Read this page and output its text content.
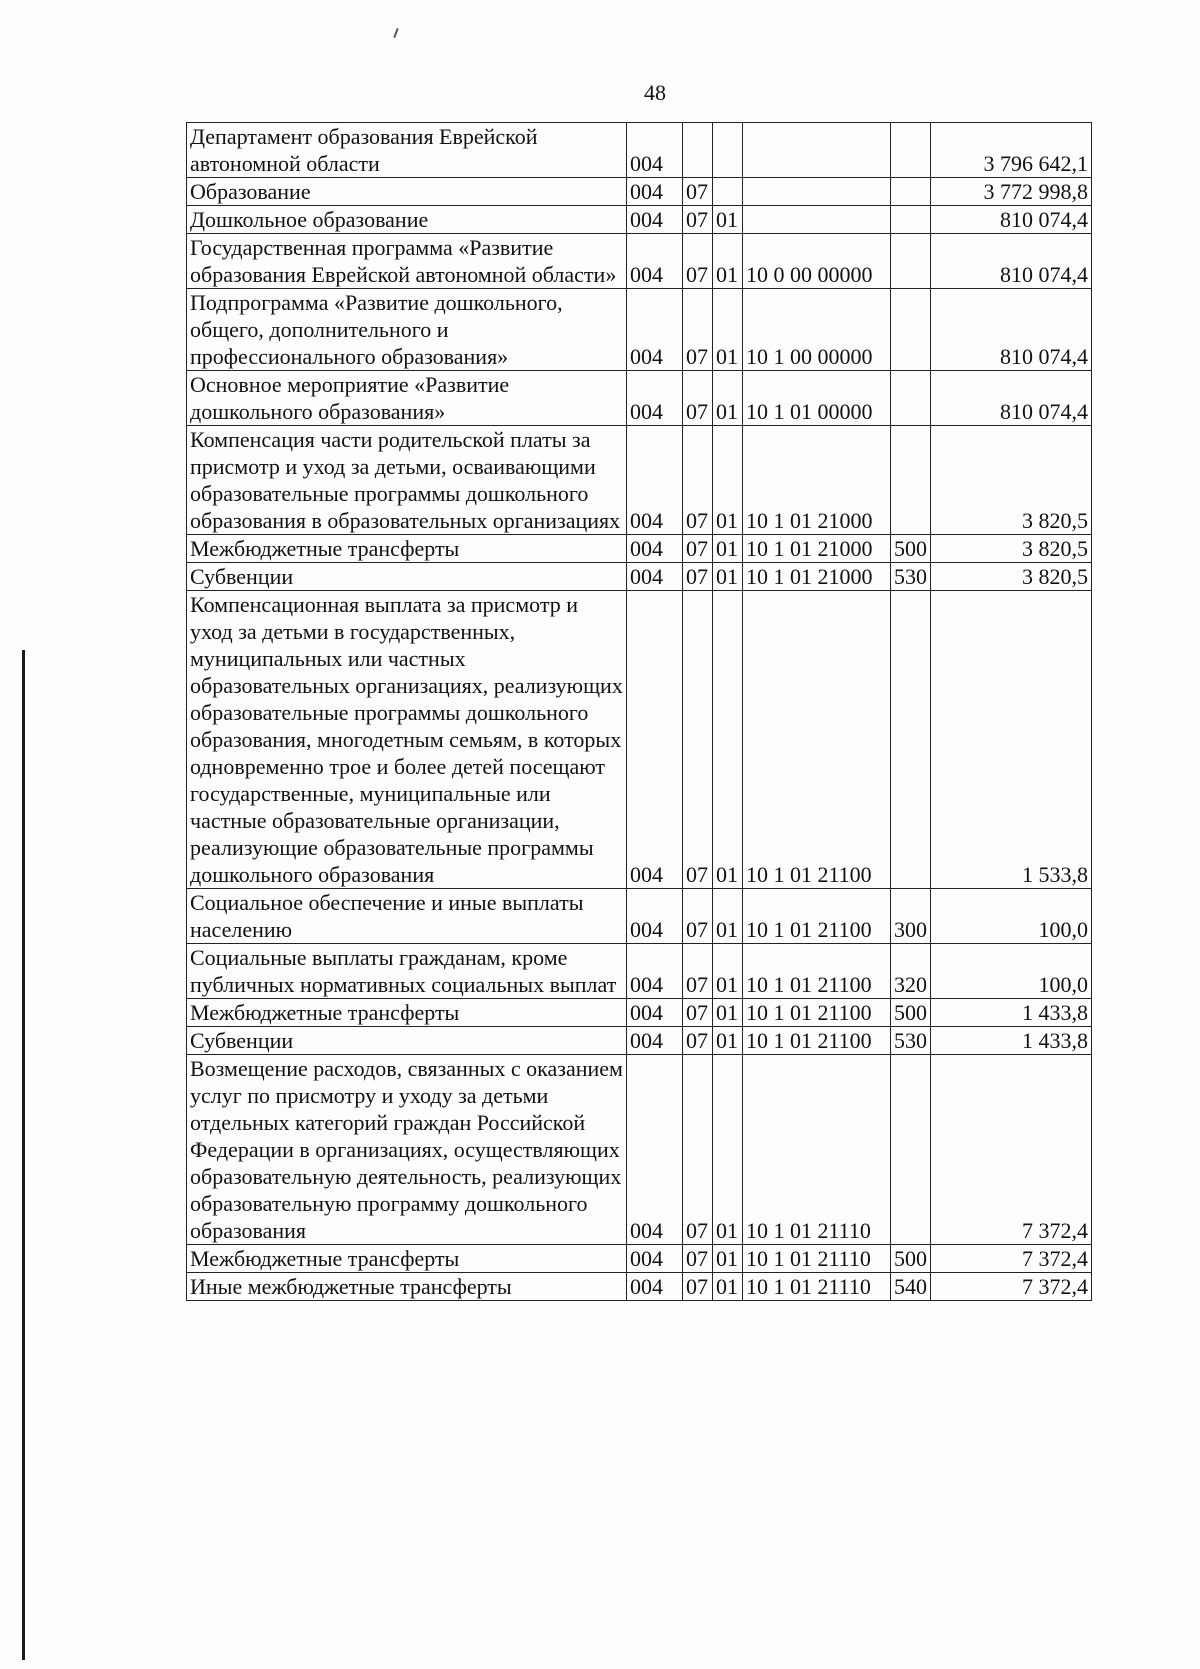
48
Департамент образования Еврейской автономной области	004					3 796 642,1
Образование	004	07				3 772 998,8
Дошкольное образование	004	07	01			810 074,4
Государственная программа «Развитие образования Еврейской автономной области»	004	07	01	10 0 00 00000		810 074,4
Подпрограмма «Развитие дошкольного, общего, дополнительного и профессионального образования»	004	07	01	10 1 00 00000		810 074,4
Основное мероприятие «Развитие дошкольного образования»	004	07	01	10 1 01 00000		810 074,4
Компенсация части родительской платы за присмотр и уход за детьми, осваивающими образовательные программы дошкольного образования в образовательных организациях	004	07	01	10 1 01 21000		3 820,5
Межбюджетные трансферты	004	07	01	10 1 01 21000	500	3 820,5
Субвенции	004	07	01	10 1 01 21000	530	3 820,5
Компенсационная выплата за присмотр и уход за детьми в государственных, муниципальных или частных образовательных организациях, реализующих образовательные программы дошкольного образования, многодетным семьям, в которых одновременно трое и более детей посещают государственные, муниципальные или частные образовательные организации, реализующие образовательные программы дошкольного образования	004	07	01	10 1 01 21100		1 533,8
Социальное обеспечение и иные выплаты населению	004	07	01	10 1 01 21100	300	100,0
Социальные выплаты гражданам, кроме публичных нормативных социальных выплат	004	07	01	10 1 01 21100	320	100,0
Межбюджетные трансферты	004	07	01	10 1 01 21100	500	1 433,8
Субвенции	004	07	01	10 1 01 21100	530	1 433,8
Возмещение расходов, связанных с оказанием услуг по присмотру и уходу за детьми отдельных категорий граждан Российской Федерации в организациях, осуществляющих образовательную деятельность, реализующих образовательную программу дошкольного образования	004	07	01	10 1 01 21110		7 372,4
Межбюджетные трансферты	004	07	01	10 1 01 21110	500	7 372,4
Иные межбюджетные трансферты	004	07	01	10 1 01 21110	540	7 372,4
